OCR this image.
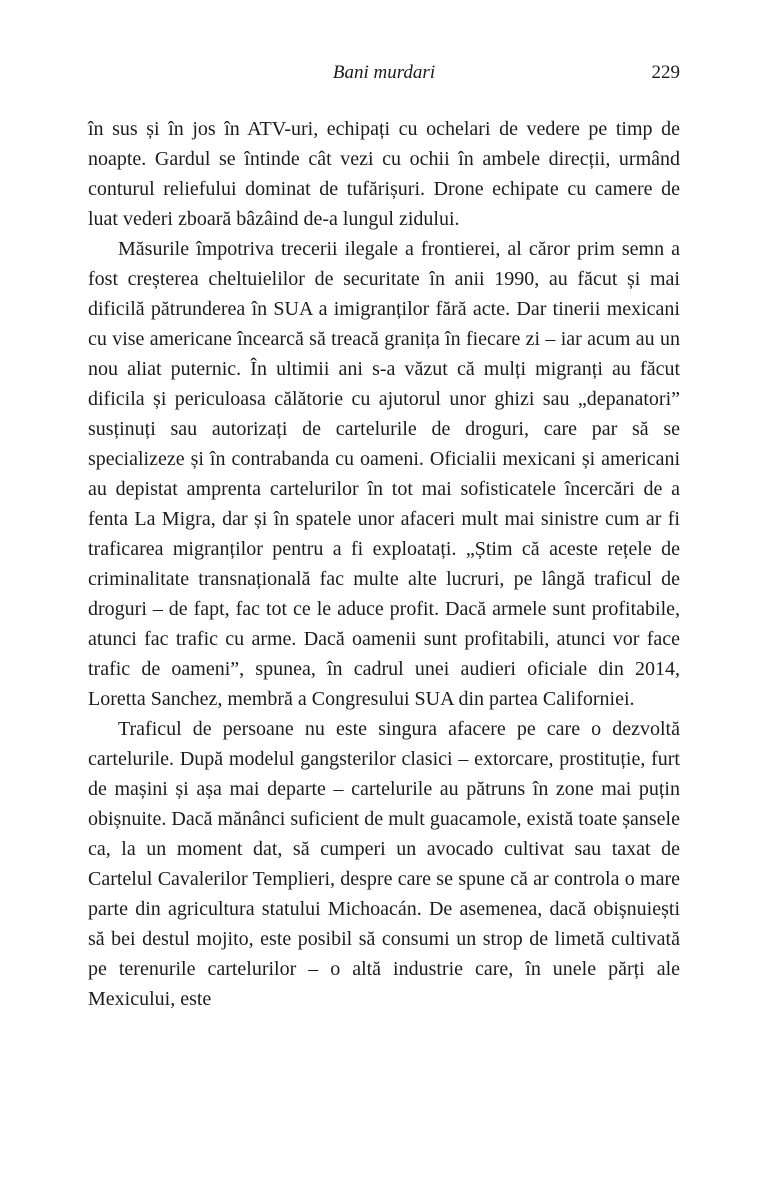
Bani murdari	229

în sus și în jos în ATV-uri, echipați cu ochelari de vedere pe timp de noapte. Gardul se întinde cât vezi cu ochii în ambele direcții, urmând conturul reliefului dominat de tufărișuri. Drone echipate cu camere de luat vederi zboară bâzâind de-a lungul zidului.

Măsurile împotriva trecerii ilegale a frontierei, al căror prim semn a fost creșterea cheltuielilor de securitate în anii 1990, au făcut și mai dificilă pătrunderea în SUA a imigranților fără acte. Dar tinerii mexicani cu vise americane încearcă să treacă granița în fiecare zi – iar acum au un nou aliat puternic. În ultimii ani s-a văzut că mulți migranți au făcut dificila și periculoasa călătorie cu ajutorul unor ghizi sau „depanatori” susținuți sau autorizați de cartelurile de droguri, care par să se specializeze și în contrabanda cu oameni. Oficialii mexicani și americani au depistat amprenta cartelurilor în tot mai sofisticatele încercări de a fenta La Migra, dar și în spatele unor afaceri mult mai sinistre cum ar fi traficarea migranților pentru a fi exploatați. „Știm că aceste rețele de criminalitate transnațională fac multe alte lucruri, pe lângă traficul de droguri – de fapt, fac tot ce le aduce profit. Dacă armele sunt profitabile, atunci fac trafic cu arme. Dacă oamenii sunt profitabili, atunci vor face trafic de oameni”, spunea, în cadrul unei audieri oficiale din 2014, Loretta Sanchez, membră a Congresului SUA din partea Californiei.

Traficul de persoane nu este singura afacere pe care o dezvoltă cartelurile. După modelul gangsterilor clasici – extorcare, prostituție, furt de mașini și așa mai departe – cartelurile au pătruns în zone mai puțin obișnuite. Dacă mănânci suficient de mult guacamole, există toate șansele ca, la un moment dat, să cumperi un avocado cultivat sau taxat de Cartelul Cavalerilor Templieri, despre care se spune că ar controla o mare parte din agricultura statului Michoacán. De asemenea, dacă obișnuiești să bei destul mojito, este posibil să consumi un strop de limetă cultivată pe terenurile cartelurilor – o altă industrie care, în unele părți ale Mexicului, este
